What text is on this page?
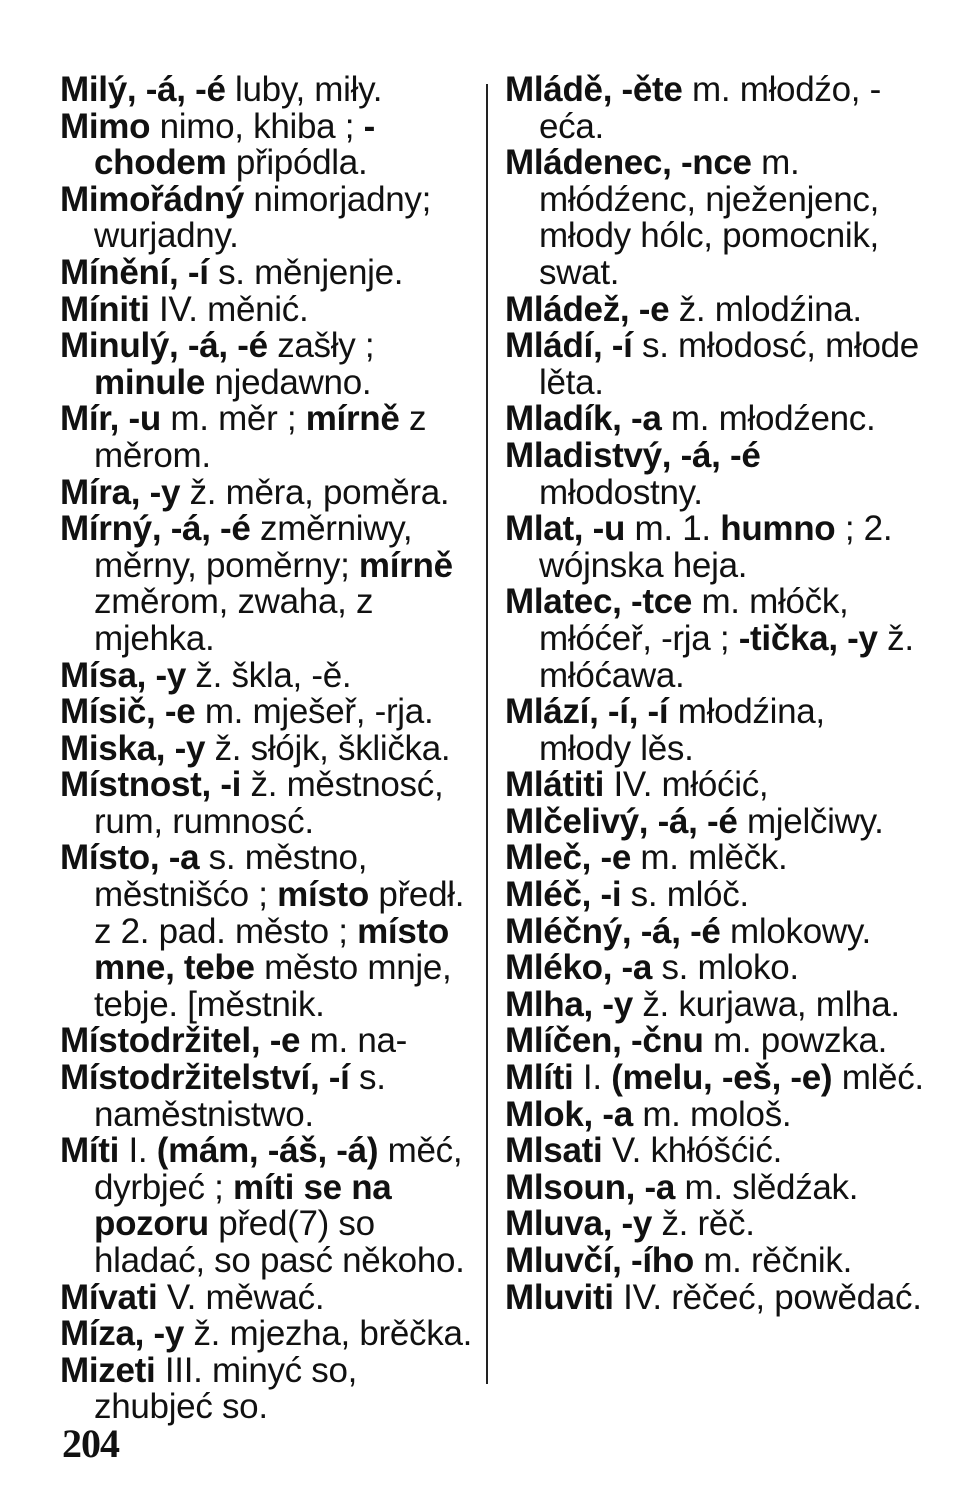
Milý, -á, -é luby, miły.

Mimo nimo, khiba ; -chodem připódla.

Mimořádný nimorjadny; wurjadny.

Mínění, -í s. měnjenje.

Míniti IV. měnić.

Minulý, -á, -é zašły ; minule njedawno.

Mír, -u m. měr ; mírně z měrom.

Míra, -y ž. měra, poměra.

Mírný, -á, -é změrniwy, měrny, poměrny; mírně změrom, zwaha, z mjehka.

Mísa, -y ž. škla, -ě.

Mísič, -e m. mješeř, -rja.

Miska, -y ž. słójk, šklička.

Místnost, -i ž. městnosć, rum, rumnosć.

Místo, -a s. městno, městnišćo ; místo předł. z 2. pad. město ; místo mne, tebe město mnje, tebje. [městnik.

Místodržitel, -e m. na-

Místodržitelství, -í s. naměstnistwo.

Míti I. (mám, -áš, -á) měć, dyrbjeć ; míti se na pozoru před(7) so hladać, so pasć někoho.

Mívati V. měwać.

Míza, -y ž. mjezha, brěčka.

Mizeti III. minyć so, zhubjeć so.

Mládě, -ěte m. młodźo, -eća.

Mládenec, -nce m. młódźenc, nježenjenc, młody hólc, pomocnik, swat.

Mládež, -e ž. mlodźina.

Mládí, -í s. młodosć, młode lěta.

Mladík, -a m. młodźenc.

Mladistvý, -á, -é młodostny.

Mlat, -u m. 1. humno ; 2. wójnska heja.

Mlatec, -tce m. młóčk, młóćeř, -rja ; -tička, -y ž. młóćawa.

Mlází, -í, -í młodźina, młody lěs.

Mlátiti IV. młóćić,

Mlčelivý, -á, -é mjelčiwy.

Mleč, -e m. mlěčk.

Mléč, -i s. mlóč.

Mléčný, -á, -é mlokowy.

Mléko, -a s. mloko.

Mlha, -y ž. kurjawa, mlha.

Mlíčen, -čnu m. powzka.

Mlíti I. (melu, -eš, -e) mlěć.

Mlok, -a m. mološ.

Mlsati V. khłóšćić.

Mlsoun, -a m. slědźak.

Mluva, -y ž. rěč.

Mluvčí, -ího m. rěčnik.

Mluviti IV. rěčeć, powědać.

204
